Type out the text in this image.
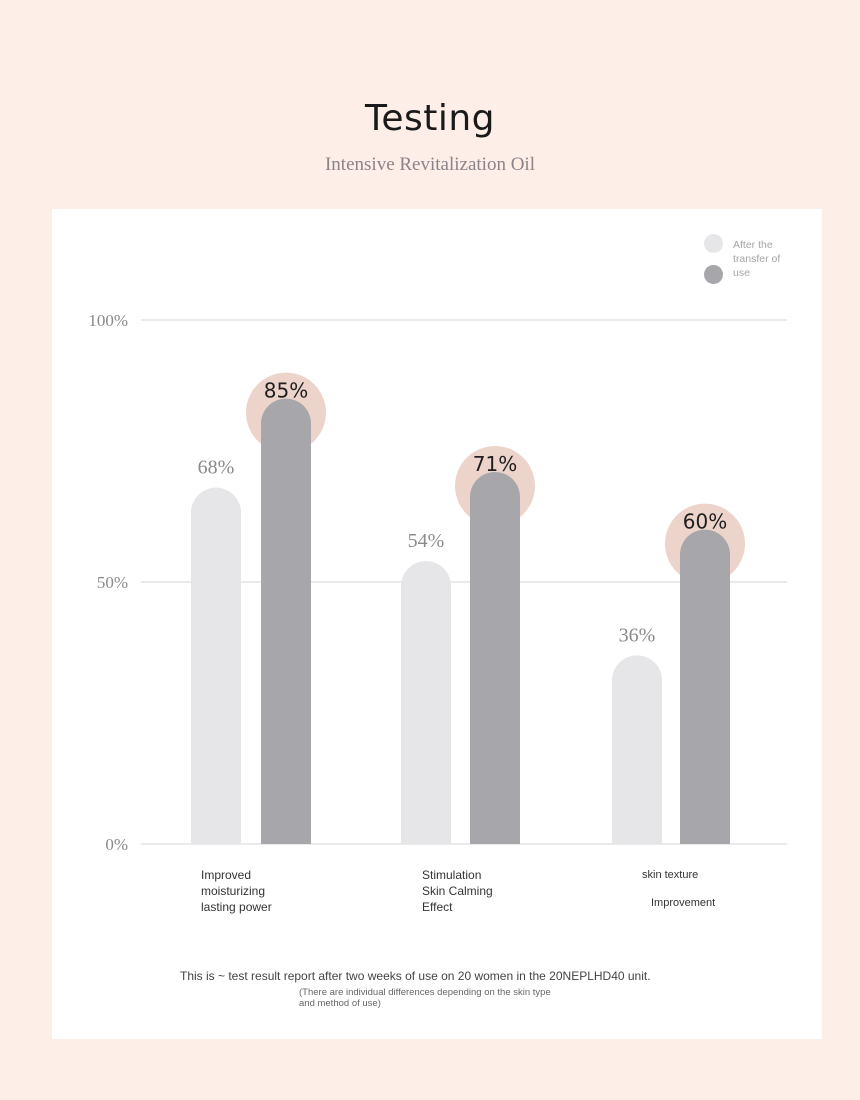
Testing
Intensive Revitalization Oil
0%
50%
100%
68%
54%
36%
85%
71%
60%
After the transfer of use
Improved
moisturizing
lasting power
Stimulation
Skin Calming
Effect
skin texture
Improvement
This is ~ test result report after two weeks of use on 20 women in the 20NEPLHD40 unit.
(There are individual differences depending on the skin type and method of use)
